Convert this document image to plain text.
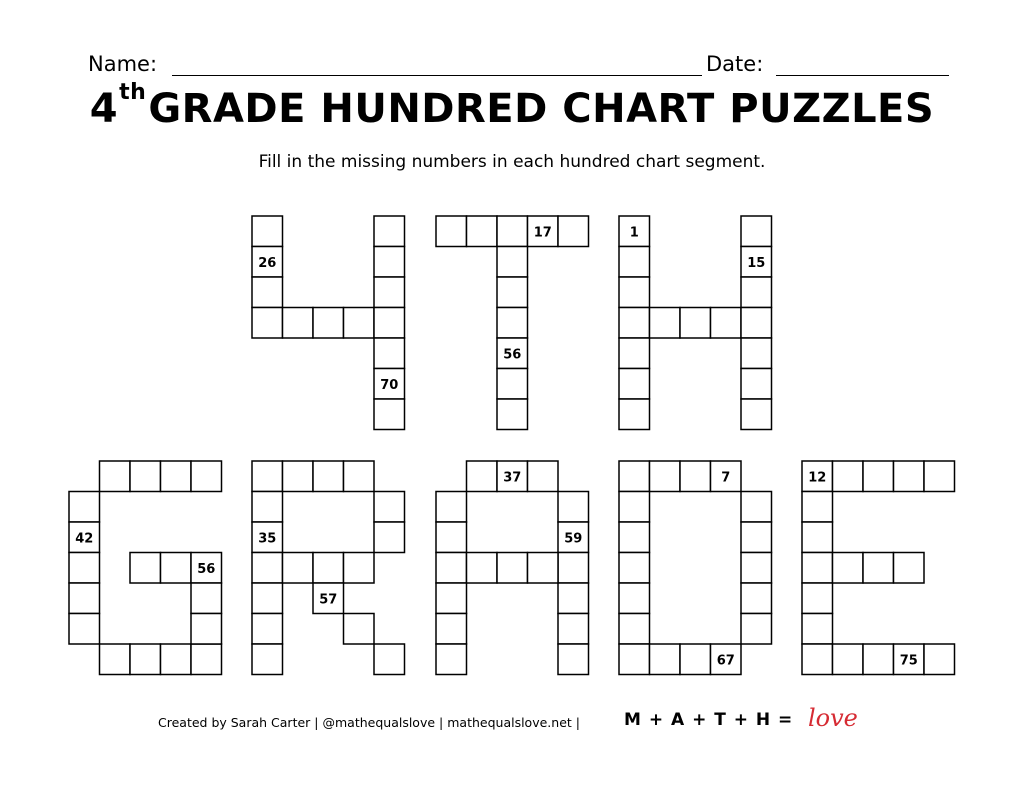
Name:	Date:
4thGRADE HUNDRED CHART PUZZLES
Fill in the missing numbers in each hundred chart segment.
26
70
17
56
1
15
42
56
35
57
37
59
7
67
12
75
Created by Sarah Carter | @mathequalslove | mathequalslove.net |	M + A + T + H = love
